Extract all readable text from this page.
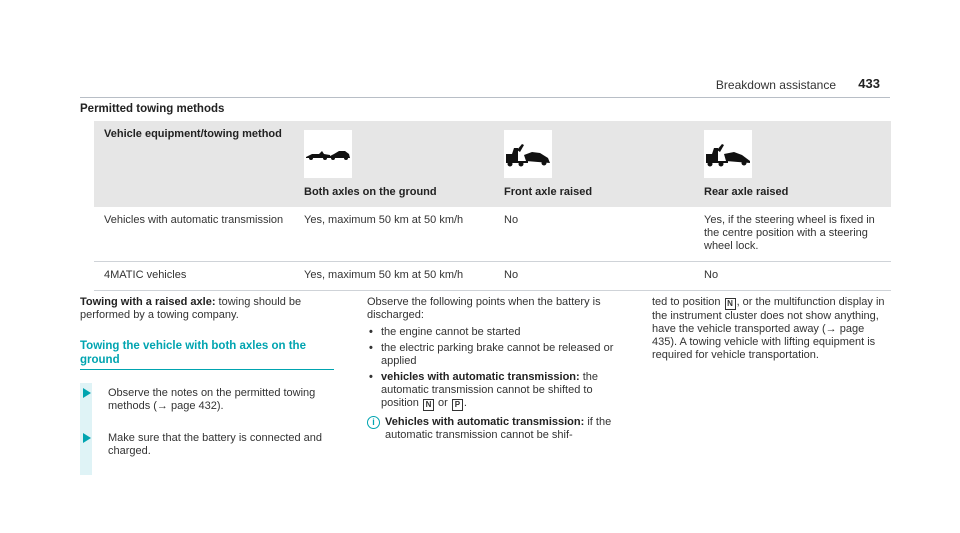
Breakdown assistance 433
Permitted towing methods
Vehicle equipment/towing method	Both axles on the ground	Front axle raised	Rear axle raised
Vehicles with automatic transmission	Yes, maximum 50 km at 50 km/h	No	Yes, if the steering wheel is fixed in the centre position with a steering wheel lock.
4MATIC vehicles	Yes, maximum 50 km at 50 km/h	No	No
Towing with a raised axle: towing should be performed by a towing company.
Towing the vehicle with both axles on the ground
Observe the notes on the permitted towing methods (→ page 432).
Make sure that the battery is connected and charged.
Observe the following points when the battery is discharged:
• the engine cannot be started
• the electric parking brake cannot be released or applied
• vehicles with automatic transmission: the automatic transmission cannot be shifted to position N or P .
i Vehicles with automatic transmission: if the automatic transmission cannot be shif-
ted to position N , or the multifunction display in the instrument cluster does not show anything, have the vehicle transported away (→ page 435). A towing vehicle with lifting equipment is required for vehicle transportation.
